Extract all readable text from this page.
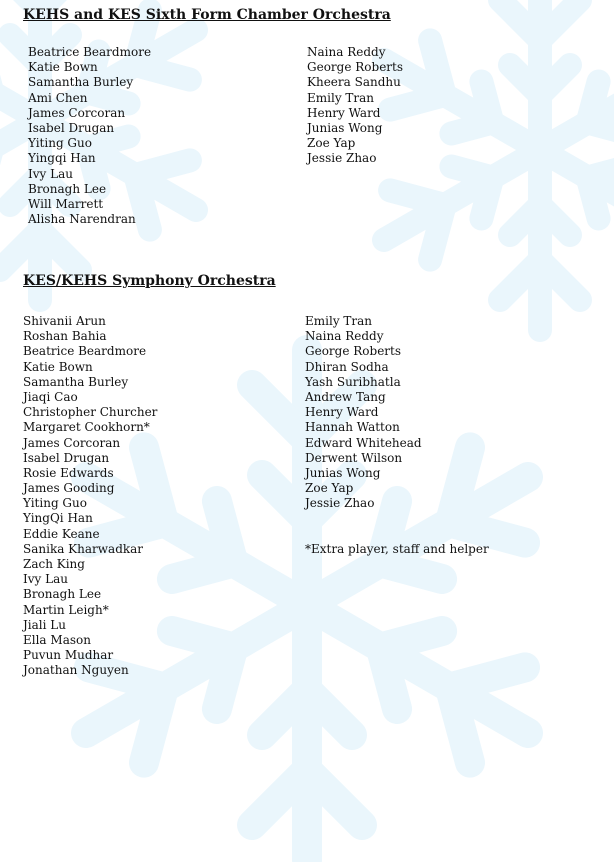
KEHS and KES Sixth Form Chamber Orchestra
Beatrice Beardmore
Katie Bown
Samantha Burley
Ami Chen
James Corcoran
Isabel Drugan
Yiting Guo
Yingqi Han
Ivy Lau
Bronagh Lee
Will Marrett
Alisha Narendran
Naina Reddy
George Roberts
Kheera Sandhu
Emily Tran
Henry Ward
Junias Wong
Zoe Yap
Jessie Zhao
KES/KEHS Symphony Orchestra
Shivanii Arun
Roshan Bahia
Beatrice Beardmore
Katie Bown
Samantha Burley
Jiaqi Cao
Christopher Churcher
Margaret Cookhorn*
James Corcoran
Isabel Drugan
Rosie Edwards
James Gooding
Yiting Guo
YingQi Han
Eddie Keane
Sanika Kharwadkar
Zach King
Ivy Lau
Bronagh Lee
Martin Leigh*
Jiali Lu
Ella Mason
Puvun Mudhar
Jonathan Nguyen
Emily Tran
Naina Reddy
George Roberts
Dhiran Sodha
Yash Suribhatla
Andrew Tang
Henry Ward
Hannah Watton
Edward Whitehead
Derwent Wilson
Junias Wong
Zoe Yap
Jessie Zhao
*Extra player, staff and helper
